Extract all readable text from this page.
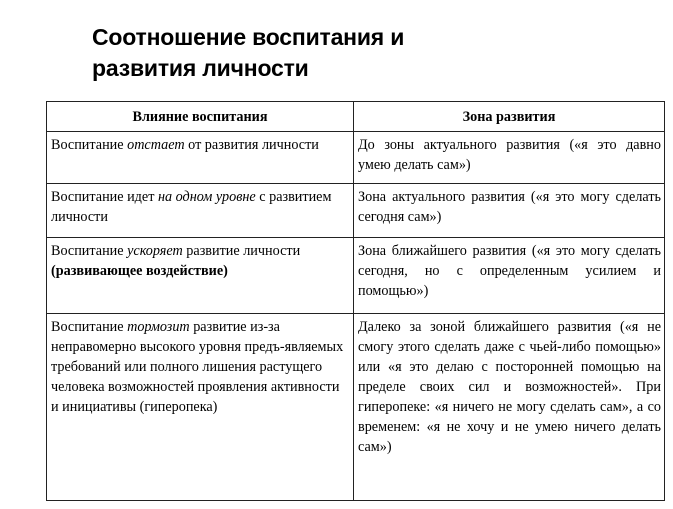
Соотношение воспитания и
развития личности
Влияние воспитания	Зона развития
Воспитание отстает от развития личности	До зоны актуального развития («я это давно умею делать сам»)
Воспитание идет на одном уровне с развитием личности	Зона актуального развития («я это могу сделать сегодня сам»)
Воспитание ускоряет развитие личности (развивающее воздействие)	Зона ближайшего развития («я это могу сделать сегодня, но с определенным усилием и помощью»)
Воспитание тормозит развитие из-за неправомерно высокого уровня предъ-являемых требований или полного лишения растущего человека возможностей проявления активности и инициативы (гиперопека)	Далеко за зоной ближайшего развития («я не смогу этого сделать даже с чьей-либо помощью» или «я это делаю с посторонней помощью на пределе своих сил и возможностей». При гиперопеке: «я ничего не могу сделать сам», а со временем: «я не хочу и не умею ничего делать сам»)
